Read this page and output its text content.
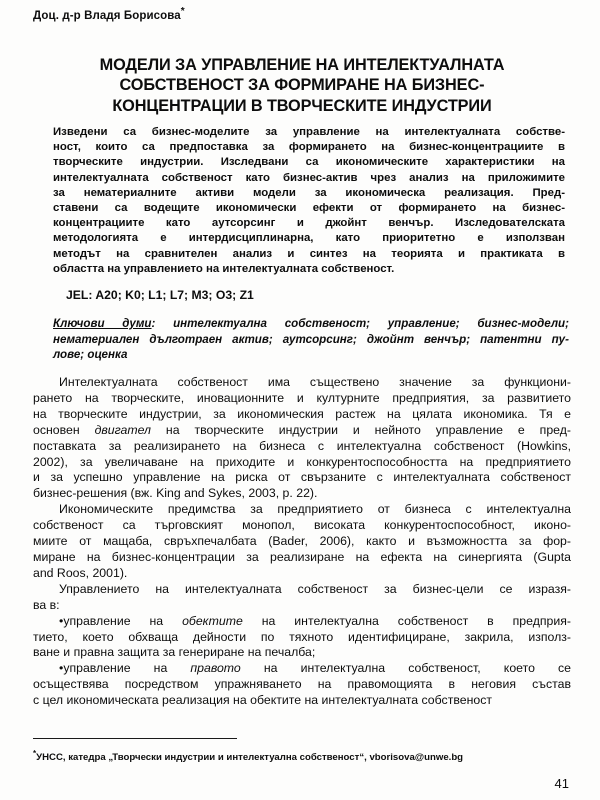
Доц. д-р Владя Борисова*
МОДЕЛИ ЗА УПРАВЛЕНИЕ НА ИНТЕЛЕКТУАЛНАТА
СОБСТВЕНОСТ ЗА ФОРМИРАНЕ НА БИЗНЕС-
КОНЦЕНТРАЦИИ В ТВОРЧЕСКИТЕ ИНДУСТРИИ
Изведени са бизнес-моделите за управление на интелектуалната собстве-
ност, които са предпоставка за формирането на бизнес-концентрациите в
творческите индустрии. Изследвани са икономическите характеристики на
интелектуалната собственост като бизнес-актив чрез анализ на приложимите
за нематериалните активи модели за икономическа реализация. Пред-
ставени са водещите икономически ефекти от формирането на бизнес-
концентрациите като аутсорсинг и джойнт венчър. Изследователската
методологията е интердисциплинарна, като приоритетно е използван
методът на сравнителен анализ и синтез на теорията и практиката в
областта на управлението на интелектуалната собственост.
JEL: A20; K0; L1; L7; M3; O3; Z1
Ключови думи: интелектуална собственост; управление; бизнес-модели;
нематериален дълготраен актив; аутсорсинг; джойнт венчър; патентни пу-
лове; оценка

Интелектуалната собственост има съществено значение за функциони-
рането на творческите, иновационните и културните предприятия, за развитието
на творческите индустрии, за икономическия растеж на цялата икономика. Тя е
основен двигател на творческите индустрии и нейното управление е пред-
поставката за реализирането на бизнеса с интелектуална собственост (Howkins,
2002), за увеличаване на приходите и конкурентоспособността на предприятието
и за успешно управление на риска от свързаните с интелектуалната собственост
бизнес-решения (вж. King and Sykes, 2003, p. 22).

Икономическите предимства за предприятието от бизнеса с интелектуална
собственост са търговският монопол, високата конкурентоспособност, иконо-
миите от мащаба, свръхпечалбата (Bader, 2006), както и възможността за фор-
миране на бизнес-концентрации за реализиране на ефекта на синергията (Gupta
and Roos, 2001).

Управлението на интелектуалната собственост за бизнес-цели се изразя-
ва в:

•управление на обектите на интелектуална собственост в предприя-
тието, което обхваща дейности по тяхното идентифициране, закрила, използ-
ване и правна защита за генериране на печалба;

•управление на правото на интелектуална собственост, което се
осъществява посредством упражняването на правомощията в неговия състав
с цел икономическата реализация на обектите на интелектуалната собственост

*УНСС, катедра „Творчески индустрии и интелектуална собственост“, vborisova@unwe.bg
41
